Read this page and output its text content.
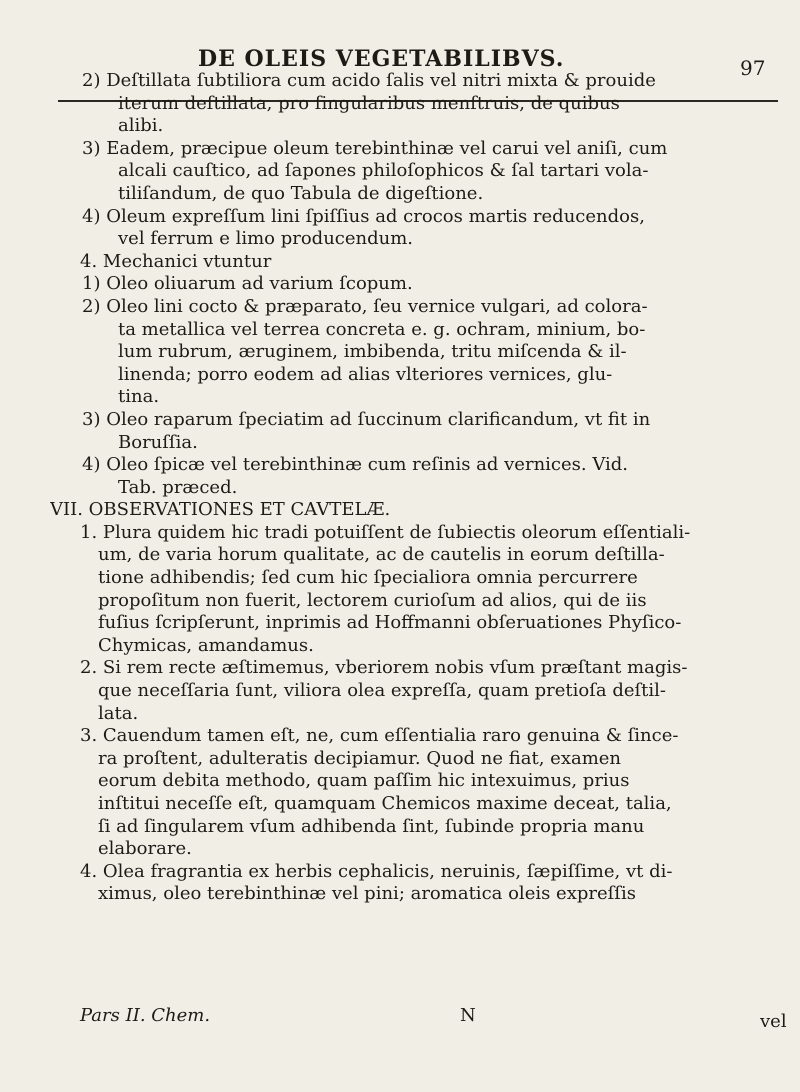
DE OLEIS VEGETABILIBVS.	97
2) Deſtillata ſubtiliora cum acido ſalis vel nitri mixta & prouide
iterum deſtillata, pro ſingularibus menſtruis, de quibus
alibi.
3) Eadem, præcipue oleum terebinthinæ vel carui vel aniſi, cum
alcali cauſtico, ad ſapones philoſophicos & ſal tartari vola-
tiliſandum, de quo Tabula de digeſtione.
4) Oleum expreſſum lini ſpiſſius ad crocos martis reducendos,
vel ferrum e limo producendum.
4. Mechanici vtuntur
1) Oleo oliuarum ad varium ſcopum.
2) Oleo lini cocto & præparato, ſeu vernice vulgari, ad colora-
ta metallica vel terrea concreta e. g. ochram, minium, bo-
lum rubrum, æruginem, imbibenda, tritu miſcenda & il-
linenda; porro eodem ad alias vlteriores vernices, glu-
tina.
3) Oleo raparum ſpeciatim ad ſuccinum clarificandum, vt fit in
Boruſſia.
4) Oleo ſpicæ vel terebinthinæ cum reſinis ad vernices. Vid.
Tab. præced.
VII. OBSERVATIONES ET CAVTELÆ.
1. Plura quidem hic tradi potuiſſent de ſubiectis oleorum eſſentiali-
um, de varia horum qualitate, ac de cautelis in eorum deſtilla-
tione adhibendis; ſed cum hic ſpecialiora omnia percurrere
propoſitum non fuerit, lectorem curioſum ad alios, qui de iis
fuſius ſcripſerunt, inprimis ad Hoffmanni obſeruationes Phyſico-
Chymicas, amandamus.
2. Si rem recte æſtimemus, vberiorem nobis vſum præſtant magis-
que neceſſaria ſunt, viliora olea expreſſa, quam pretioſa deſtil-
lata.
3. Cauendum tamen eſt, ne, cum eſſentialia raro genuina & ſince-
ra proſtent, adulteratis decipiamur. Quod ne fiat, examen
eorum debita methodo, quam paſſim hic intexuimus, prius
inſtitui neceſſe eſt, quamquam Chemicos maxime deceat, talia,
ſi ad ſingularem vſum adhibenda ſint, ſubinde propria manu
elaborare.
4. Olea fragrantia ex herbis cephalicis, neruinis, ſæpiſſime, vt di-
ximus, oleo terebinthinæ vel pini; aromatica oleis expreſſis
Pars II. Chem.	N	vel
